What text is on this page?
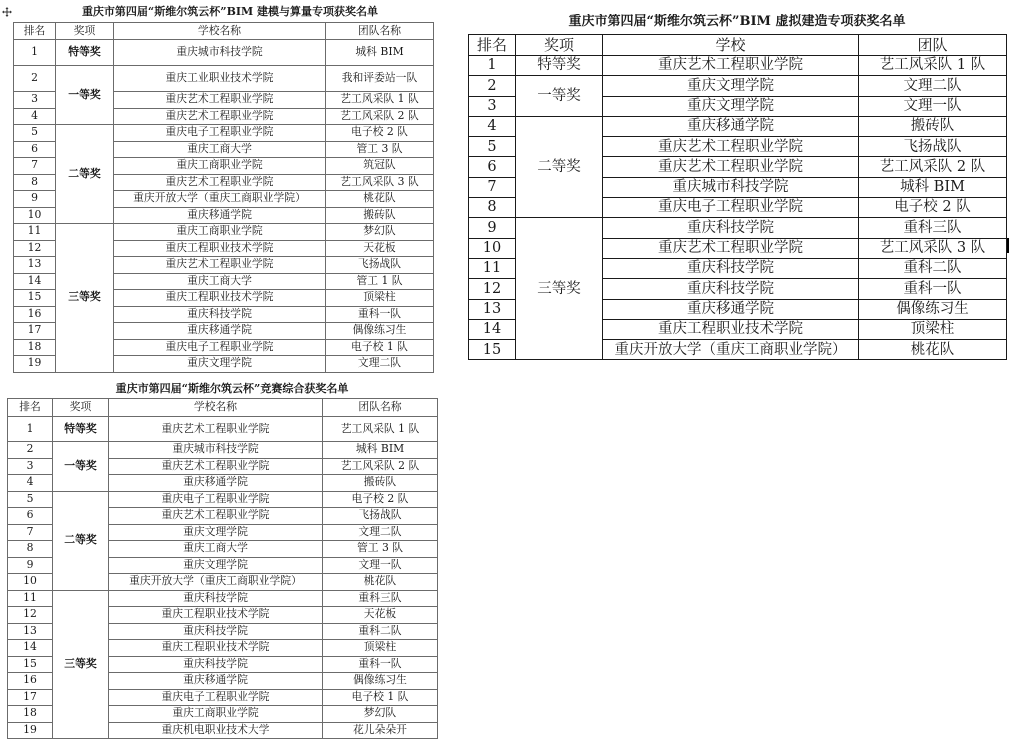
重庆市第四届“斯维尔筑云杯”BIM 建模与算量专项获奖名单
排名	奖项	学校名称	团队名称
1	特等奖	重庆城市科技学院	城科 BIM
2	一等奖	重庆工业职业技术学院	我和评委站一队
3		重庆艺术工程职业学院	艺工风采队 1 队
4		重庆艺术工程职业学院	艺工风采队 2 队
5	二等奖	重庆电子工程职业学院	电子校 2 队
6		重庆工商大学	管工 3 队
7		重庆工商职业学院	筑冠队
8		重庆艺术工程职业学院	艺工风采队 3 队
9		重庆开放大学（重庆工商职业学院）	桃花队
10		重庆移通学院	搬砖队
11	三等奖	重庆工商职业学院	梦幻队
12		重庆工程职业技术学院	天花板
13		重庆艺术工程职业学院	飞扬战队
14		重庆工商大学	管工 1 队
15		重庆工程职业技术学院	顶梁柱
16		重庆科技学院	重科一队
17		重庆移通学院	偶像练习生
18		重庆电子工程职业学院	电子校 1 队
19		重庆文理学院	文理二队
重庆市第四届“斯维尔筑云杯”BIM 虚拟建造专项获奖名单
排名	奖项	学校	团队
1	特等奖	重庆艺术工程职业学院	艺工风采队 1 队
2	一等奖	重庆文理学院	文理二队
3		重庆文理学院	文理一队
4	二等奖	重庆移通学院	搬砖队
5		重庆艺术工程职业学院	飞扬战队
6		重庆艺术工程职业学院	艺工风采队 2 队
7		重庆城市科技学院	城科 BIM
8		重庆电子工程职业学院	电子校 2 队
9	三等奖	重庆科技学院	重科三队
10		重庆艺术工程职业学院	艺工风采队 3 队
11		重庆科技学院	重科二队
12		重庆科技学院	重科一队
13		重庆移通学院	偶像练习生
14		重庆工程职业技术学院	顶梁柱
15		重庆开放大学（重庆工商职业学院）	桃花队
重庆市第四届“斯维尔筑云杯”竞赛综合获奖名单
排名	奖项	学校名称	团队名称
1	特等奖	重庆艺术工程职业学院	艺工风采队 1 队
2	一等奖	重庆城市科技学院	城科 BIM
3		重庆艺术工程职业学院	艺工风采队 2 队
4		重庆移通学院	搬砖队
5	二等奖	重庆电子工程职业学院	电子校 2 队
6		重庆艺术工程职业学院	飞扬战队
7		重庆文理学院	文理二队
8		重庆工商大学	管工 3 队
9		重庆文理学院	文理一队
10		重庆开放大学（重庆工商职业学院）	桃花队
11	三等奖	重庆科技学院	重科三队
12		重庆工程职业技术学院	天花板
13		重庆科技学院	重科二队
14		重庆工程职业技术学院	顶梁柱
15		重庆科技学院	重科一队
16		重庆移通学院	偶像练习生
17		重庆电子工程职业学院	电子校 1 队
18		重庆工商职业学院	梦幻队
19		重庆机电职业技术大学	花儿朵朵开
